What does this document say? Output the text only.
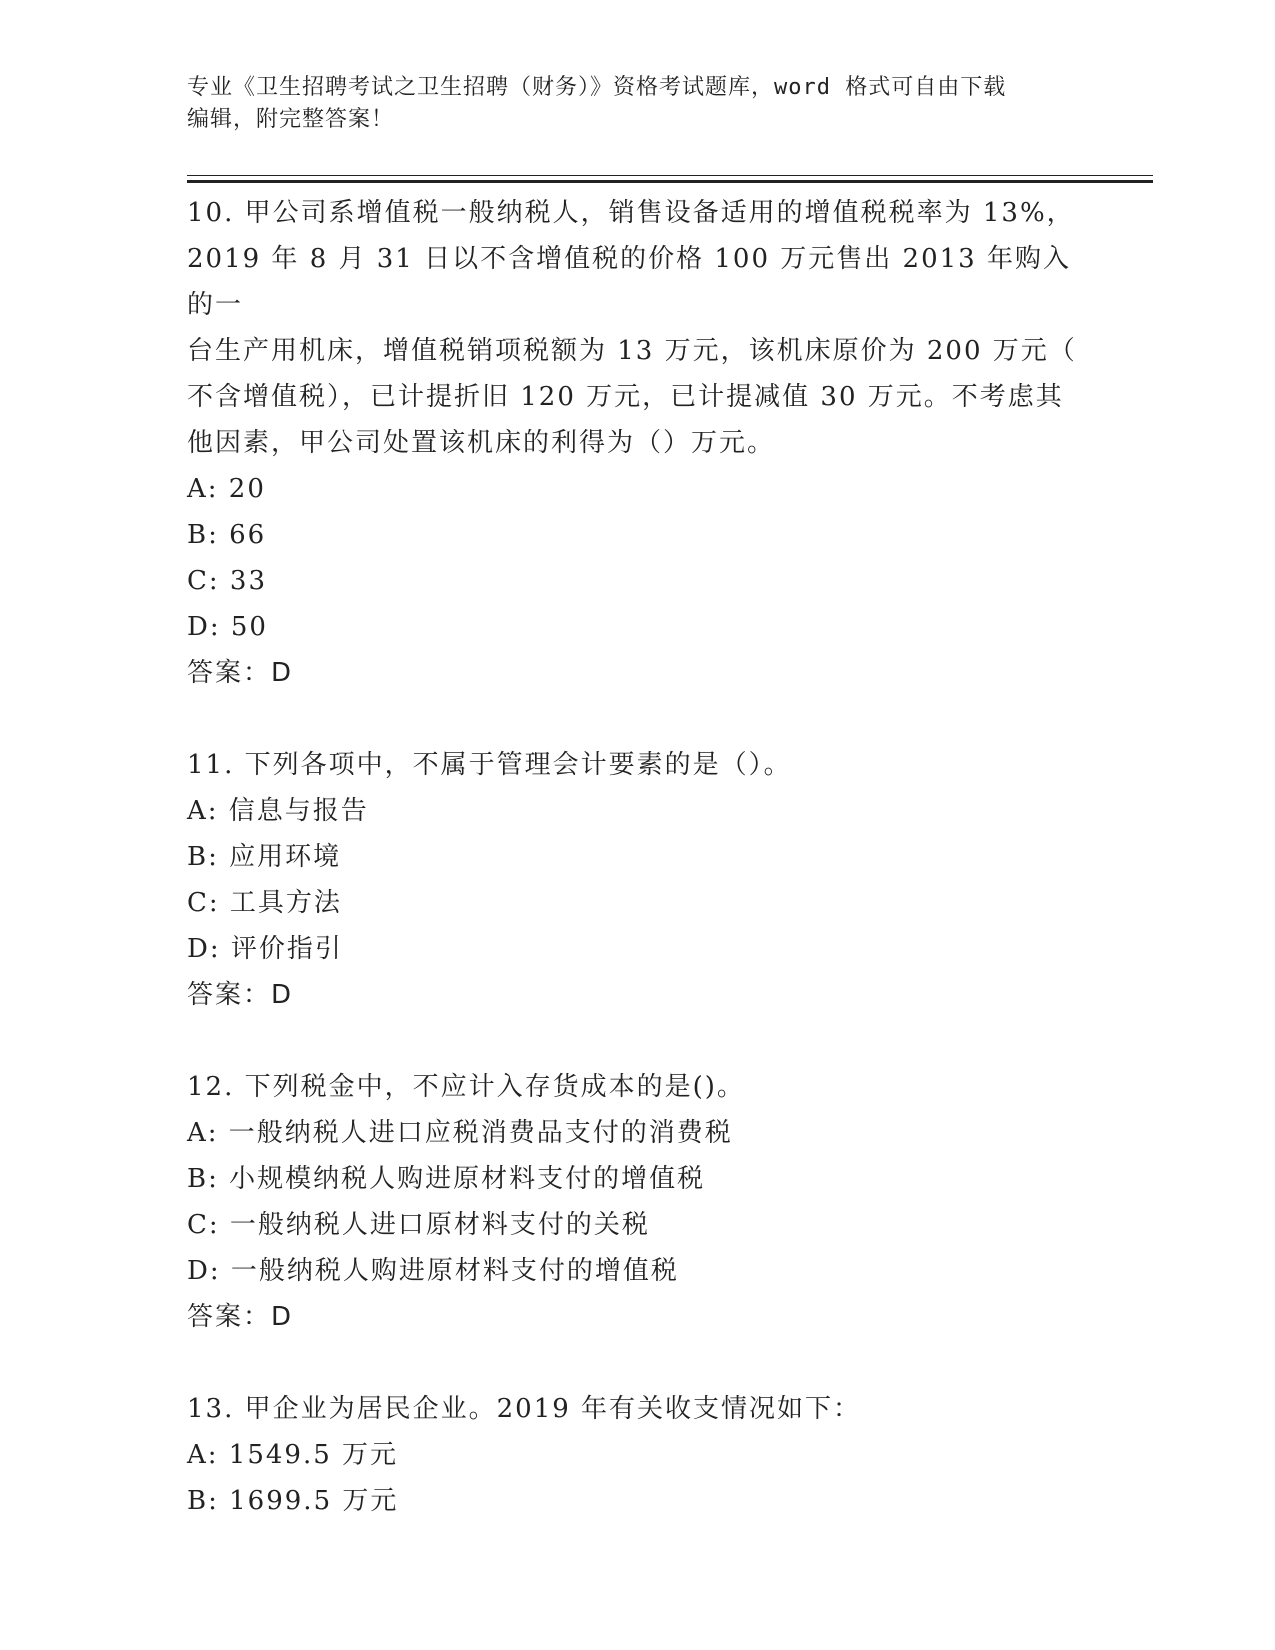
专业《卫生招聘考试之卫生招聘（财务）》资格考试题库，word 格式可自由下载
编辑，附完整答案！

10. 甲公司系增值税一般纳税人，销售设备适用的增值税税率为 13%，

2019 年 8 月 31 日以不含增值税的价格 100 万元售出 2013 年购入的一

台生产用机床，增值税销项税额为 13 万元，该机床原价为 200 万元（

不含增值税），已计提折旧 120 万元，已计提减值 30 万元。不考虑其

他因素，甲公司处置该机床的利得为（）万元。

A: 20

B: 66

C: 33

D: 50

答案：D

11. 下列各项中，不属于管理会计要素的是（）。

A: 信息与报告

B: 应用环境

C: 工具方法

D: 评价指引

答案：D

12. 下列税金中，不应计入存货成本的是()。

A: 一般纳税人进口应税消费品支付的消费税

B: 小规模纳税人购进原材料支付的增值税

C: 一般纳税人进口原材料支付的关税

D: 一般纳税人购进原材料支付的增值税

答案：D

13. 甲企业为居民企业。2019 年有关收支情况如下：

A: 1549.5 万元

B: 1699.5 万元
